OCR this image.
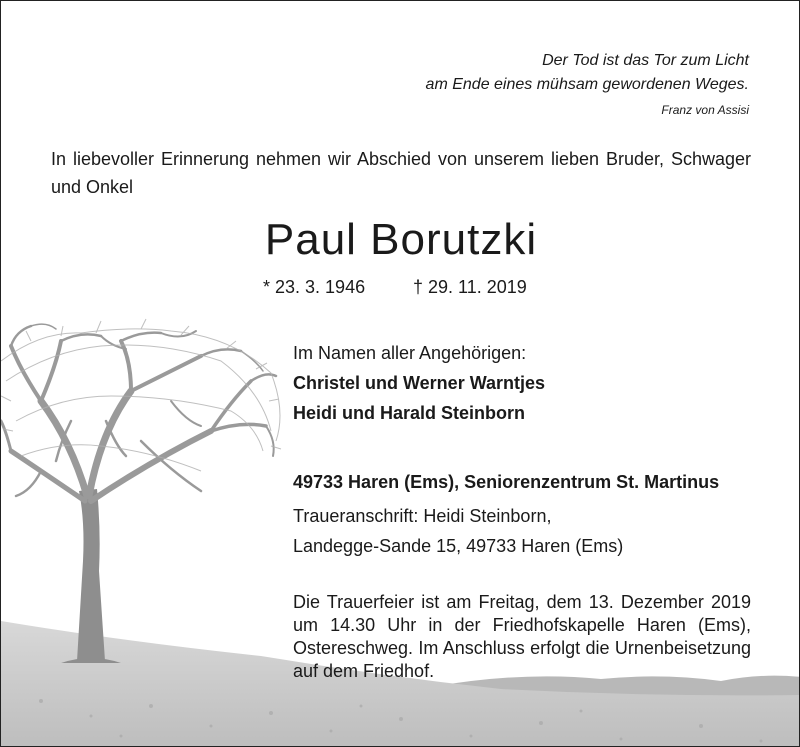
Der Tod ist das Tor zum Licht
am Ende eines mühsam gewordenen Weges.
Franz von Assisi
In liebevoller Erinnerung nehmen wir Abschied von unserem lieben Bruder, Schwager und Onkel
Paul Borutzki
* 23. 3. 1946	† 29. 11. 2019
Im Namen aller Angehörigen:
Christel und Werner Warntjes
Heidi und Harald Steinborn
49733 Haren (Ems), Seniorenzentrum St. Martinus
Traueranschrift: Heidi Steinborn,
Landegge-Sande 15, 49733 Haren (Ems)
Die Trauerfeier ist am Freitag, dem 13. Dezember 2019 um 14.30 Uhr in der Friedhofskapelle Haren (Ems), Ostereschweg. Im Anschluss erfolgt die Urnenbeisetzung auf dem Friedhof.
